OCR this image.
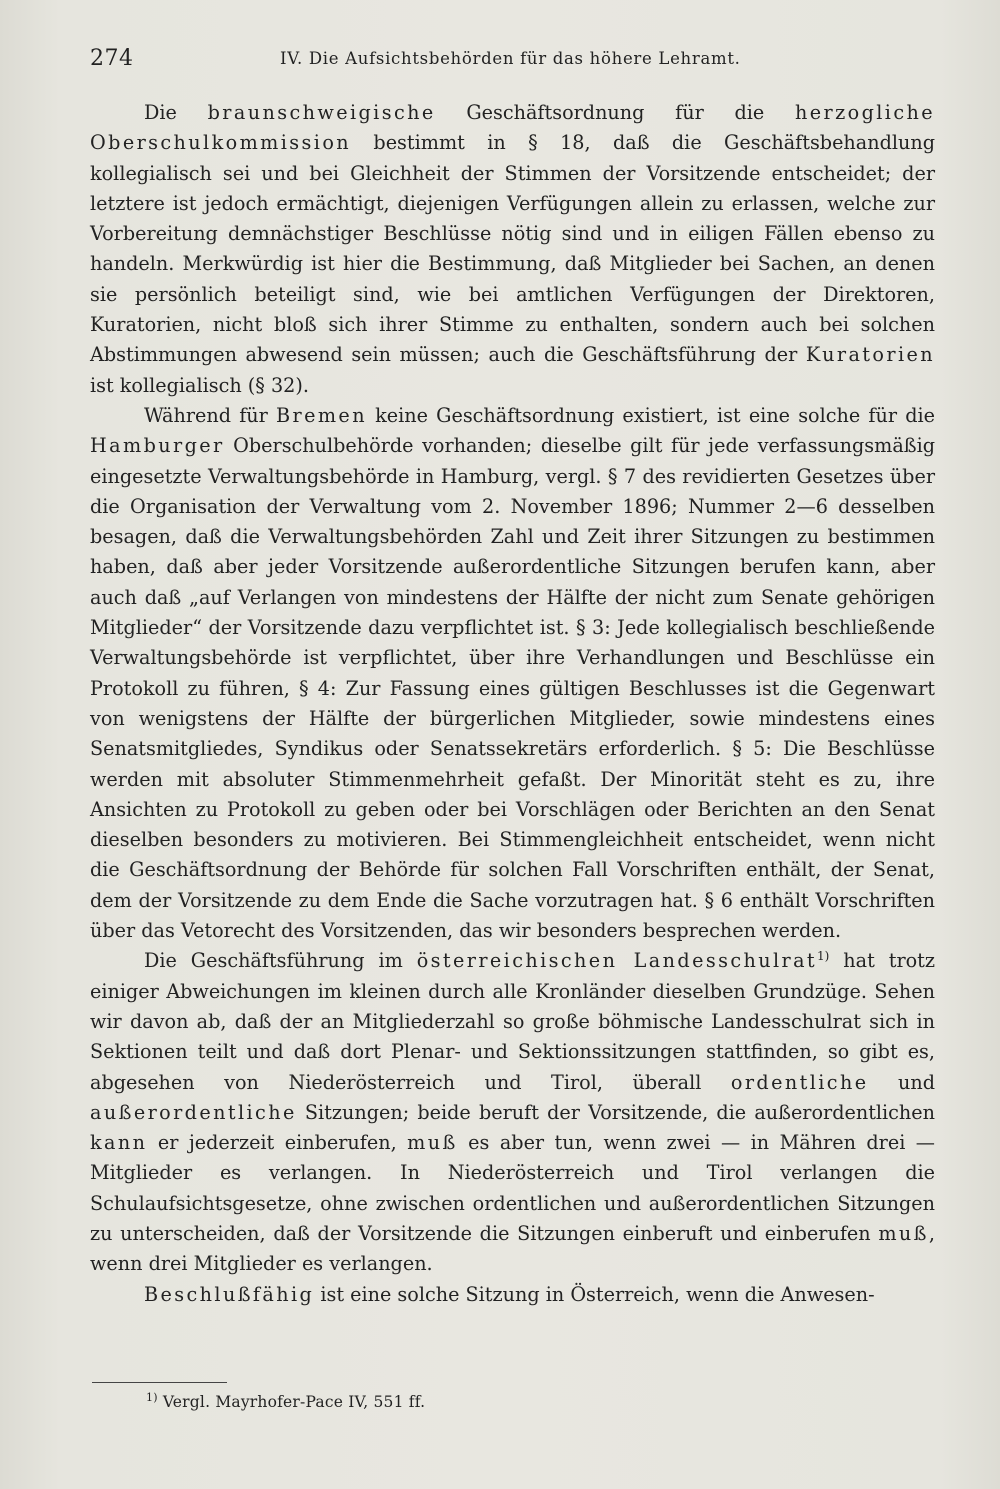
274	IV. Die Aufsichtsbehörden für das höhere Lehramt.

Die braunschweigische Geschäftsordnung für die herzogliche Oberschulkommission bestimmt in § 18, daß die Geschäftsbehandlung kollegialisch sei und bei Gleichheit der Stimmen der Vorsitzende entscheidet; der letztere ist jedoch ermächtigt, diejenigen Verfügungen allein zu erlassen, welche zur Vorbereitung demnächstiger Beschlüsse nötig sind und in eiligen Fällen ebenso zu handeln. Merkwürdig ist hier die Bestimmung, daß Mitglieder bei Sachen, an denen sie persönlich beteiligt sind, wie bei amtlichen Verfügungen der Direktoren, Kuratorien, nicht bloß sich ihrer Stimme zu enthalten, sondern auch bei solchen Abstimmungen abwesend sein müssen; auch die Geschäftsführung der Kuratorien ist kollegialisch (§ 32).

Während für Bremen keine Geschäftsordnung existiert, ist eine solche für die Hamburger Oberschulbehörde vorhanden; dieselbe gilt für jede verfassungsmäßig eingesetzte Verwaltungsbehörde in Hamburg, vergl. § 7 des revidierten Gesetzes über die Organisation der Verwaltung vom 2. November 1896; Nummer 2—6 desselben besagen, daß die Verwaltungsbehörden Zahl und Zeit ihrer Sitzungen zu bestimmen haben, daß aber jeder Vorsitzende außerordentliche Sitzungen berufen kann, aber auch daß „auf Verlangen von mindestens der Hälfte der nicht zum Senate gehörigen Mitglieder“ der Vorsitzende dazu verpflichtet ist. § 3: Jede kollegialisch beschließende Verwaltungsbehörde ist verpflichtet, über ihre Verhandlungen und Beschlüsse ein Protokoll zu führen, § 4: Zur Fassung eines gültigen Beschlusses ist die Gegenwart von wenigstens der Hälfte der bürgerlichen Mitglieder, sowie mindestens eines Senatsmitgliedes, Syndikus oder Senatssekretärs erforderlich. § 5: Die Beschlüsse werden mit absoluter Stimmenmehrheit gefaßt. Der Minorität steht es zu, ihre Ansichten zu Protokoll zu geben oder bei Vorschlägen oder Berichten an den Senat dieselben besonders zu motivieren. Bei Stimmengleichheit entscheidet, wenn nicht die Geschäftsordnung der Behörde für solchen Fall Vorschriften enthält, der Senat, dem der Vorsitzende zu dem Ende die Sache vorzutragen hat. § 6 enthält Vorschriften über das Vetorecht des Vorsitzenden, das wir besonders besprechen werden.

Die Geschäftsführung im österreichischen Landesschulrat$^{1)}$ hat trotz einiger Abweichungen im kleinen durch alle Kronländer dieselben Grundzüge. Sehen wir davon ab, daß der an Mitgliederzahl so große böhmische Landesschulrat sich in Sektionen teilt und daß dort Plenar- und Sektionssitzungen stattfinden, so gibt es, abgesehen von Niederösterreich und Tirol, überall ordentliche und außerordentliche Sitzungen; beide beruft der Vorsitzende, die außerordentlichen kann er jederzeit einberufen, muß es aber tun, wenn zwei — in Mähren drei — Mitglieder es verlangen. In Niederösterreich und Tirol verlangen die Schulaufsichtsgesetze, ohne zwischen ordentlichen und außerordentlichen Sitzungen zu unterscheiden, daß der Vorsitzende die Sitzungen einberuft und einberufen muß, wenn drei Mitglieder es verlangen.

Beschlußfähig ist eine solche Sitzung in Österreich, wenn die Anwesen-

$^{1)}$ Vergl. Mayrhofer-Pace IV, 551 ff.
